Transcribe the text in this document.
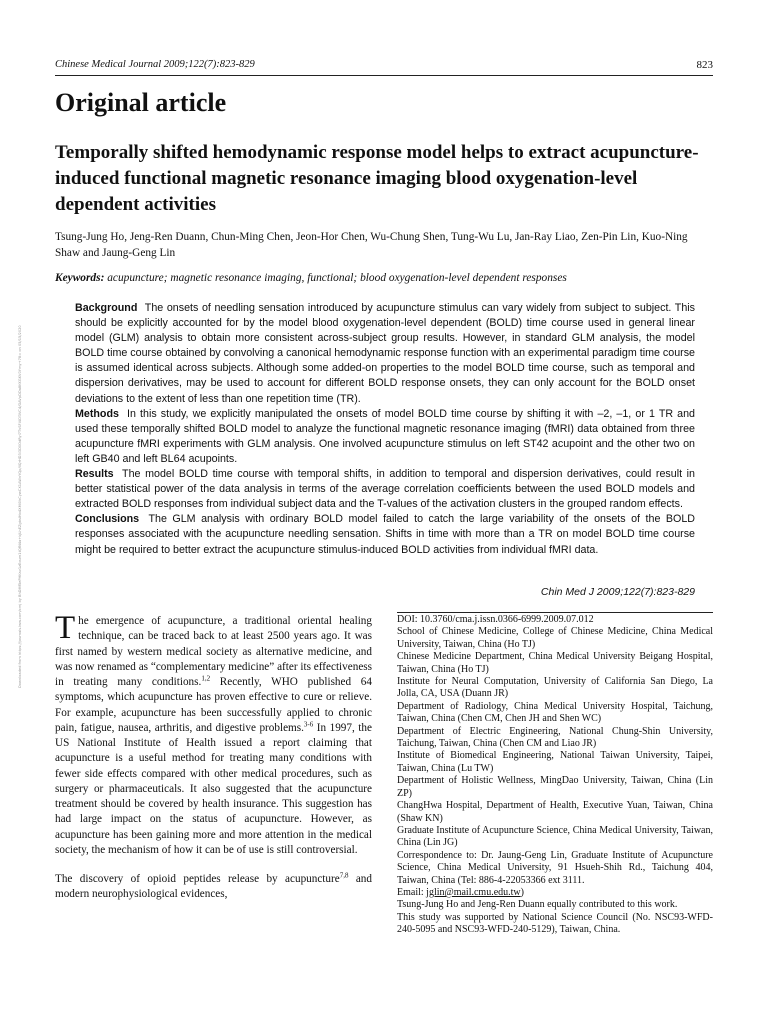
Chinese Medical Journal 2009;122(7):823-829	823
Downloaded from https://journals.lww.com/cmj by BhDMf5ePHKav1zEoum1tQfN4a+kJLhEZgbsIHo4XMi0hCywCX1AWnYQp/IlQrHD3i3D0OdRyi7TvSFl4Cf3VC4/OAVpDDa8KKGKV0Ymy+78= on 05/15/2020
Original article
Temporally shifted hemodynamic response model helps to extract acupuncture-induced functional magnetic resonance imaging blood oxygenation-level dependent activities
Tsung-Jung Ho, Jeng-Ren Duann, Chun-Ming Chen, Jeon-Hor Chen, Wu-Chung Shen, Tung-Wu Lu, Jan-Ray Liao, Zen-Pin Lin, Kuo-Ning Shaw and Jaung-Geng Lin
Keywords: acupuncture; magnetic resonance imaging, functional; blood oxygenation-level dependent responses

Background The onsets of needling sensation introduced by acupuncture stimulus can vary widely from subject to subject. This should be explicitly accounted for by the model blood oxygenation-level dependent (BOLD) time course used in general linear model (GLM) analysis to obtain more consistent across-subject group results. However, in standard GLM analysis, the model BOLD time course obtained by convolving a canonical hemodynamic response function with an experimental paradigm time course is assumed identical across subjects. Although some added-on properties to the model BOLD time course, such as temporal and dispersion derivatives, may be used to account for different BOLD response onsets, they can only account for the BOLD onset deviations to the extent of less than one repetition time (TR).

Methods In this study, we explicitly manipulated the onsets of model BOLD time course by shifting it with –2, –1, or 1 TR and used these temporally shifted BOLD model to analyze the functional magnetic resonance imaging (fMRI) data obtained from three acupuncture fMRI experiments with GLM analysis. One involved acupuncture stimulus on left ST42 acupoint and the other two on left GB40 and left BL64 acupoints.

Results The model BOLD time course with temporal shifts, in addition to temporal and dispersion derivatives, could result in better statistical power of the data analysis in terms of the average correlation coefficients between the used BOLD models and extracted BOLD responses from individual subject data and the T-values of the activation clusters in the grouped random effects.

Conclusions The GLM analysis with ordinary BOLD model failed to catch the large variability of the onsets of the BOLD responses associated with the acupuncture needling sensation. Shifts in time with more than a TR on model BOLD time course might be required to better extract the acupuncture stimulus-induced BOLD activities from individual fMRI data.

Chin Med J 2009;122(7):823-829

The emergence of acupuncture, a traditional oriental healing technique, can be traced back to at least 2500 years ago. It was first named by western medical society as alternative medicine, and was now renamed as “complementary medicine” after its effectiveness in treating many conditions.$^{1,2}$ Recently, WHO published 64 symptoms, which acupuncture has proven effective to cure or relieve. For example, acupuncture has been successfully applied to chronic pain, fatigue, nausea, arthritis, and digestive problems.$^{3-6}$ In 1997, the US National Institute of Health issued a report claiming that acupuncture is a useful method for treating many conditions with fewer side effects compared with other medical procedures, such as surgery or pharmaceuticals. It also suggested that the acupuncture treatment should be covered by health insurance. This suggestion has had large impact on the status of acupuncture. However, as acupuncture has been gaining more and more attention in the medical society, the mechanism of how it can be of use is still controversial.

The discovery of opioid peptides release by acupuncture$^{7,8}$ and modern neurophysiological evidences,

DOI: 10.3760/cma.j.issn.0366-6999.2009.07.012
School of Chinese Medicine, College of Chinese Medicine, China Medical University, Taiwan, China (Ho TJ)
Chinese Medicine Department, China Medical University Beigang Hospital, Taiwan, China (Ho TJ)
Institute for Neural Computation, University of California San Diego, La Jolla, CA, USA (Duann JR)
Department of Radiology, China Medical University Hospital, Taichung, Taiwan, China (Chen CM, Chen JH and Shen WC)
Department of Electric Engineering, National Chung-Shin University, Taichung, Taiwan, China (Chen CM and Liao JR)
Institute of Biomedical Engineering, National Taiwan University, Taipei, Taiwan, China (Lu TW)
Department of Holistic Wellness, MingDao University, Taiwan, China (Lin ZP)
ChangHwa Hospital, Department of Health, Executive Yuan, Taiwan, China (Shaw KN)
Graduate Institute of Acupuncture Science, China Medical University, Taiwan, China (Lin JG)
Correspondence to: Dr. Jaung-Geng Lin, Graduate Institute of Acupuncture Science, China Medical University, 91 Hsueh-Shih Rd., Taichung 404, Taiwan, China (Tel: 886-4-22053366 ext 3111.
Email: jglin@mail.cmu.edu.tw)
Tsung-Jung Ho and Jeng-Ren Duann equally contributed to this work.
This study was supported by National Science Council (No. NSC93-WFD-240-5095 and NSC93-WFD-240-5129), Taiwan, China.
